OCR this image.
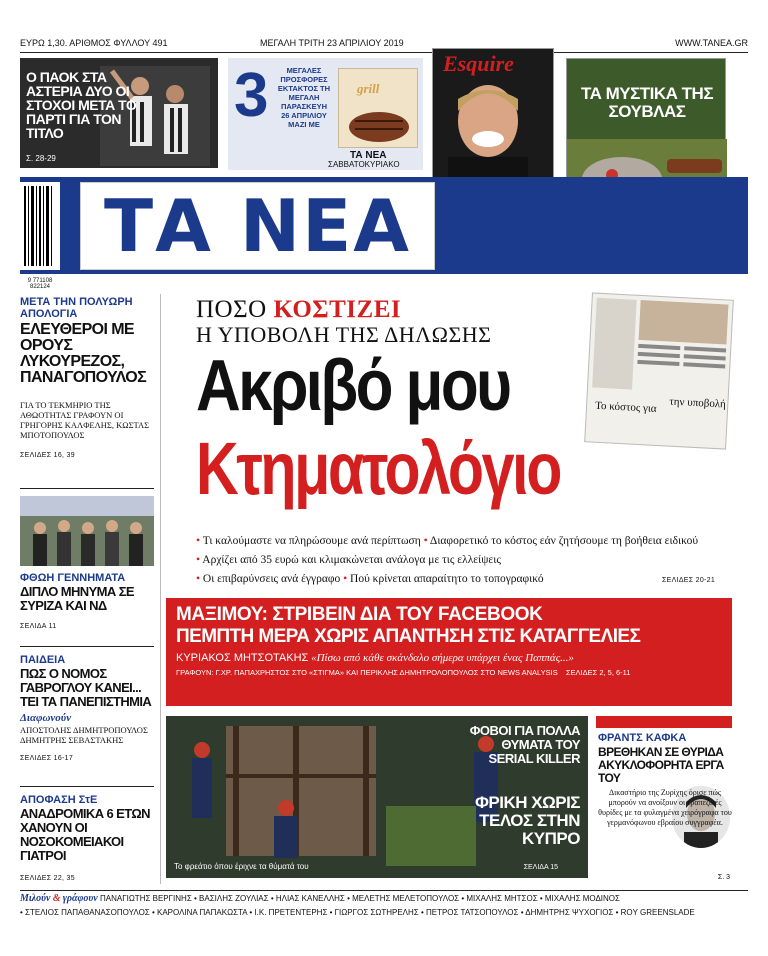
ΕΥΡΩ 1,30. ΑΡΙΘΜΟΣ ΦΥΛΛΟΥ 491	ΜΕΓΑΛΗ ΤΡΙΤΗ 23 ΑΠΡΙΛΙΟΥ 2019	WWW.TANEA.GR
Ο ΠΑΟΚ ΣΤΑ ΑΣΤΕΡΙΑ ΔΥΟ ΟΙ ΣΤΟΧΟΙ ΜΕΤΑ ΤΟ ΠΑΡΤΙ ΓΙΑ ΤΟΝ ΤΙΤΛΟ
Σ. 28-29
3	ΜΕΓΑΛΕΣ ΠΡΟΣΦΟΡΕΣ ΕΚΤΑΚΤΟΣ ΤΗ ΜΕΓΑΛΗ ΠΑΡΑΣΚΕΥΗ 26 ΑΠΡΙΛΙΟΥ ΜΑΖΙ ΜΕ
grill
ΤΑ ΝΕΑ
ΣΑΒΒΑΤΟΚΥΡΙΑΚΟ
Esquire
ΤΑ ΜΥΣΤΙΚΑ ΤΗΣ ΣΟΥΒΛΑΣ
9 771108 822124
ΤΑ ΝΕΑ
ΜΕΤΑ ΤΗΝ ΠΟΛΥΩΡΗ ΑΠΟΛΟΓΙΑ
ΕΛΕΥΘΕΡΟΙ ΜΕ ΟΡΟΥΣ ΛΥΚΟΥΡΕΖΟΣ, ΠΑΝΑΓΟΠΟΥΛΟΣ
ΓΙΑ ΤΟ ΤΕΚΜΗΡΙΟ ΤΗΣ ΑΘΩΟΤΗΤΑΣ ΓΡΑΦΟΥΝ ΟΙ ΓΡΗΓΟΡΗΣ ΚΑΛΦΕΛΗΣ, ΚΩΣΤΑΣ ΜΠΟΤΟΠΟΥΛΟΣ
ΣΕΛΙΔΕΣ 16, 39
ΦΘΩΗ ΓΕΝΝΗΜΑΤΑ
ΔΙΠΛΟ ΜΗΝΥΜΑ ΣΕ ΣΥΡΙΖΑ ΚΑΙ ΝΔ
ΣΕΛΙΔΑ 11
ΠΑΙΔΕΙΑ
ΠΩΣ Ο ΝΟΜΟΣ ΓΑΒΡΟΓΛΟΥ ΚΑΝΕΙ... ΤΕΙ ΤΑ ΠΑΝΕΠΙΣΤΗΜΙΑ
Διαφωνούν
ΑΠΟΣΤΟΛΗΣ ΔΗΜΗΤΡΟΠΟΥΛΟΣ ΔΗΜΗΤΡΗΣ ΣΕΒΑΣΤΑΚΗΣ
ΣΕΛΙΔΕΣ 16-17
ΑΠΟΦΑΣΗ ΣτΕ
ΑΝΑΔΡΟΜΙΚΑ 6 ΕΤΩΝ ΧΑΝΟΥΝ ΟΙ ΝΟΣΟΚΟΜΕΙΑΚΟΙ ΓΙΑΤΡΟΙ
ΣΕΛΙΔΕΣ 22, 35
ΠΟΣΟ ΚΟΣΤΙΖΕΙ
Η ΥΠΟΒΟΛΗ ΤΗΣ ΔΗΛΩΣΗΣ
Ακριβό μου
Κτηματολόγιο
Το κόστος για την υποβολή
• Τι καλούμαστε να πληρώσουμε ανά περίπτωση • Διαφορετικό το κόστος εάν ζητήσουμε τη βοήθεια ειδικού
• Αρχίζει από 35 ευρώ και κλιμακώνεται ανάλογα με τις ελλείψεις
• Οι επιβαρύνσεις ανά έγγραφο • Πού κρίνεται απαραίτητο το τοπογραφικό	ΣΕΛΙΔΕΣ 20-21
ΜΑΞΙΜΟΥ: ΣΤΡΙΒΕΙΝ ΔΙΑ ΤΟΥ FACEBOOK
ΠΕΜΠΤΗ ΜΕΡΑ ΧΩΡΙΣ ΑΠΑΝΤΗΣΗ ΣΤΙΣ ΚΑΤΑΓΓΕΛΙΕΣ
ΚΥΡΙΑΚΟΣ ΜΗΤΣΟΤΑΚΗΣ «Πίσω από κάθε σκάνδαλο σήμερα υπάρχει ένας Παππάς...»
ΓΡΑΦΟΥΝ: Γ.ΧΡ. ΠΑΠΑΧΡΗΣΤΟΣ ΣΤΟ «ΣΤΙΓΜΑ» ΚΑΙ ΠΕΡΙΚΛΗΣ ΔΗΜΗΤΡΟΛΟΠΟΥΛΟΣ ΣΤΟ NEWS ANALYSIS ΣΕΛΙΔΕΣ 2, 5, 6-11
ΦΟΒΟΙ ΓΙΑ ΠΟΛΛΑ ΘΥΜΑΤΑ ΤΟΥ SERIAL KILLER
ΦΡΙΚΗ ΧΩΡΙΣ ΤΕΛΟΣ ΣΤΗΝ ΚΥΠΡΟ
Το φρεάτιο όπου έριχνε τα θύματά του	ΣΕΛΙΔΑ 15
ΦΡΑΝΤΣ ΚΑΦΚΑ
ΒΡΕΘΗΚΑΝ ΣΕ ΘΥΡΙΔΑ ΑΚΥΚΛΟΦΟΡΗΤΑ ΕΡΓΑ ΤΟΥ
Δικαστήριο της Ζυρίχης όρισε πώς μπορούν να ανοίξουν οι τραπεζικές θυρίδες με τα φυλαγμένα χειρόγραφα του γερμανόφωνου εβραίου συγγραφέα.
Σ. 3
Μιλούν & γράφουν ΠΑΝΑΓΙΩΤΗΣ ΒΕΡΓΙΝΗΣ • ΒΑΣΙΛΗΣ ΖΟΥΛΙΑΣ • ΗΛΙΑΣ ΚΑΝΕΛΛΗΣ • ΜΕΛΕΤΗΣ ΜΕΛΕΤΟΠΟΥΛΟΣ • ΜΙΧΑΛΗΣ ΜΗΤΣΟΣ • ΜΙΧΑΛΗΣ ΜΟΔΙΝΟΣ
• ΣΤΕΛΙΟΣ ΠΑΠΑΘΑΝΑΣΟΠΟΥΛΟΣ • ΚΑΡΟΛΙΝΑ ΠΑΠΑΚΩΣΤΑ • Ι.Κ. ΠΡΕΤΕΝΤΕΡΗΣ • ΓΙΩΡΓΟΣ ΣΩΤΗΡΕΛΗΣ • ΠΕΤΡΟΣ ΤΑΤΣΟΠΟΥΛΟΣ • ΔΗΜΗΤΡΗΣ ΨΥΧΟΓΙΟΣ • ROY GREENSLADE
